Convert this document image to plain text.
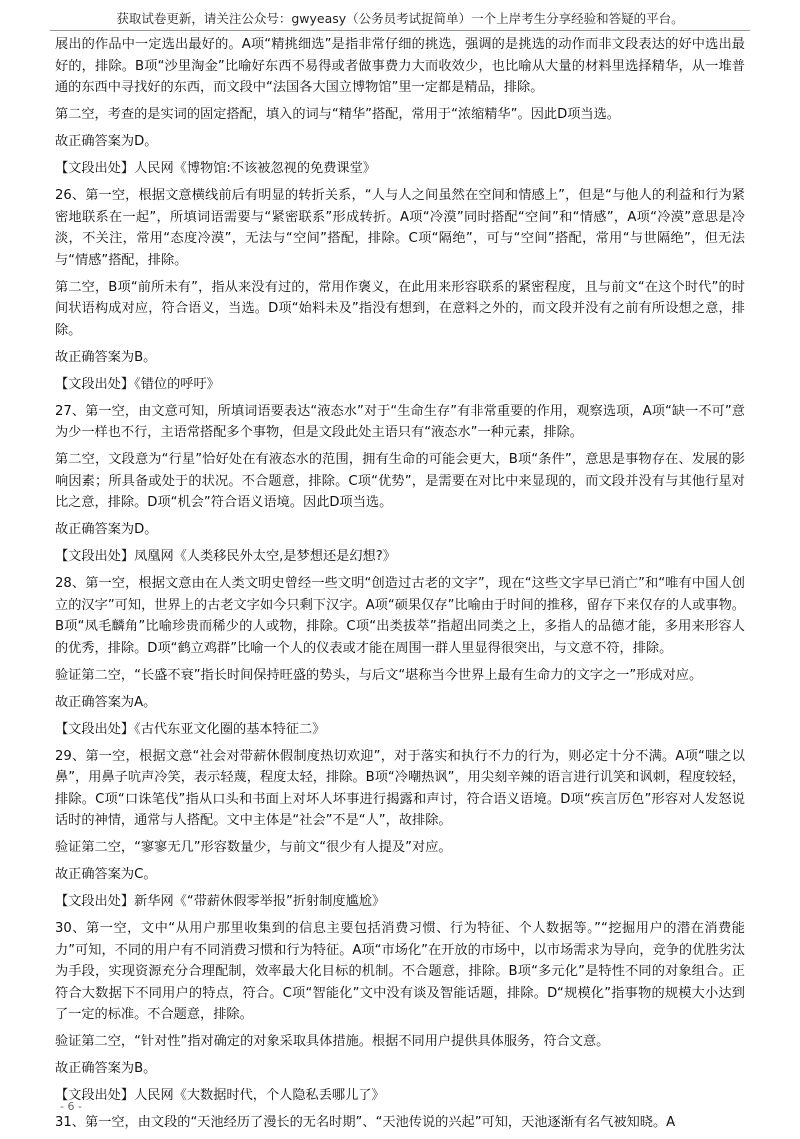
获取试卷更新，请关注公众号：gwyeasy（公务员考试捉简单）一个上岸考生分享经验和答疑的平台。

展出的作品中一定选出最好的。A项“精挑细选”是指非常仔细的挑选，强调的是挑选的动作而非文段表达的好中选出最好的，排除。B项“沙里淘金”比喻好东西不易得或者做事费力大而收效少，也比喻从大量的材料里选择精华，从一堆普通的东西中寻找好的东西，而文段中“法国各大国立博物馆”里一定都是精品，排除。

第二空，考查的是实词的固定搭配，填入的词与“精华”搭配，常用于“浓缩精华”。因此D项当选。

故正确答案为D。

【文段出处】人民网《博物馆:不该被忽视的免费课堂》

26、第一空，根据文意横线前后有明显的转折关系，“人与人之间虽然在空间和情感上”，但是“与他人的利益和行为紧密地联系在一起”，所填词语需要与“紧密联系”形成转折。A项“冷漠”同时搭配“空间”和“情感”，A项“冷漠”意思是冷淡，不关注，常用“态度冷漠”，无法与“空间”搭配，排除。C项“隔绝”，可与“空间”搭配，常用“与世隔绝”，但无法与“情感”搭配，排除。

第二空，B项“前所未有”，指从来没有过的，常用作褒义，在此用来形容联系的紧密程度，且与前文“在这个时代”的时间状语构成对应，符合语义，当选。D项“始料未及”指没有想到，在意料之外的，而文段并没有之前有所设想之意，排除。

故正确答案为B。

【文段出处】《错位的呼吁》

27、第一空，由文意可知，所填词语要表达“液态水”对于“生命生存”有非常重要的作用，观察选项，A项“缺一不可”意为少一样也不行，主语常搭配多个事物，但是文段此处主语只有“液态水”一种元素，排除。

第二空，文段意为“行星”恰好处在有液态水的范围，拥有生命的可能会更大，B项“条件”，意思是事物存在、发展的影响因素；所具备或处于的状况。不合题意，排除。C项“优势”，是需要在对比中来显现的，而文段并没有与其他行星对比之意，排除。D项“机会”符合语义语境。因此D项当选。

故正确答案为D。

【文段出处】凤凰网《人类移民外太空,是梦想还是幻想?》

28、第一空，根据文意由在人类文明史曾经一些文明“创造过古老的文字”，现在“这些文字早已消亡”和“唯有中国人创立的汉字”可知，世界上的古老文字如今只剩下汉字。A项“硕果仅存”比喻由于时间的推移，留存下来仅存的人或事物。B项“凤毛麟角”比喻珍贵而稀少的人或物，排除。C项“出类拔萃”指超出同类之上，多指人的品德才能，多用来形容人的优秀，排除。D项“鹤立鸡群”比喻一个人的仪表或才能在周围一群人里显得很突出，与文意不符，排除。

验证第二空，“长盛不衰”指长时间保持旺盛的势头，与后文“堪称当今世界上最有生命力的文字之一”形成对应。

故正确答案为A。

【文段出处】《古代东亚文化圈的基本特征二》

29、第一空，根据文意“社会对带薪休假制度热切欢迎”，对于落实和执行不力的行为，则必定十分不满。A项“嗤之以鼻”，用鼻子吭声冷笑，表示轻蔑，程度太轻，排除。B项“冷嘲热讽”，用尖刻辛辣的语言进行讥笑和讽刺，程度较轻，排除。C项“口诛笔伐”指从口头和书面上对坏人坏事进行揭露和声讨，符合语义语境。D项“疾言厉色”形容对人发怒说话时的神情，通常与人搭配。文中主体是“社会”不是“人”，故排除。

验证第二空，“寥寥无几”形容数量少，与前文“很少有人提及”对应。

故正确答案为C。

【文段出处】新华网《“带薪休假零举报”折射制度尴尬》

30、第一空，文中“从用户那里收集到的信息主要包括消费习惯、行为特征、个人数据等。”“挖掘用户的潜在消费能力”可知，不同的用户有不同消费习惯和行为特征。A项“市场化”在开放的市场中，以市场需求为导向，竞争的优胜劣汰为手段，实现资源充分合理配制，效率最大化目标的机制。不合题意，排除。B项“多元化”是特性不同的对象组合。正符合大数据下不同用户的特点，符合。C项“智能化”文中没有谈及智能话题，排除。D“规模化”指事物的规模大小达到了一定的标准。不合题意，排除。

验证第二空，“针对性”指对确定的对象采取具体措施。根据不同用户提供具体服务，符合文意。

故正确答案为B。

【文段出处】人民网《大数据时代，个人隐私丢哪儿了》

31、第一空，由文段的“天池经历了漫长的无名时期”、“天池传说的兴起”可知，天池逐渐有名气被知晓。A

- 6 -
